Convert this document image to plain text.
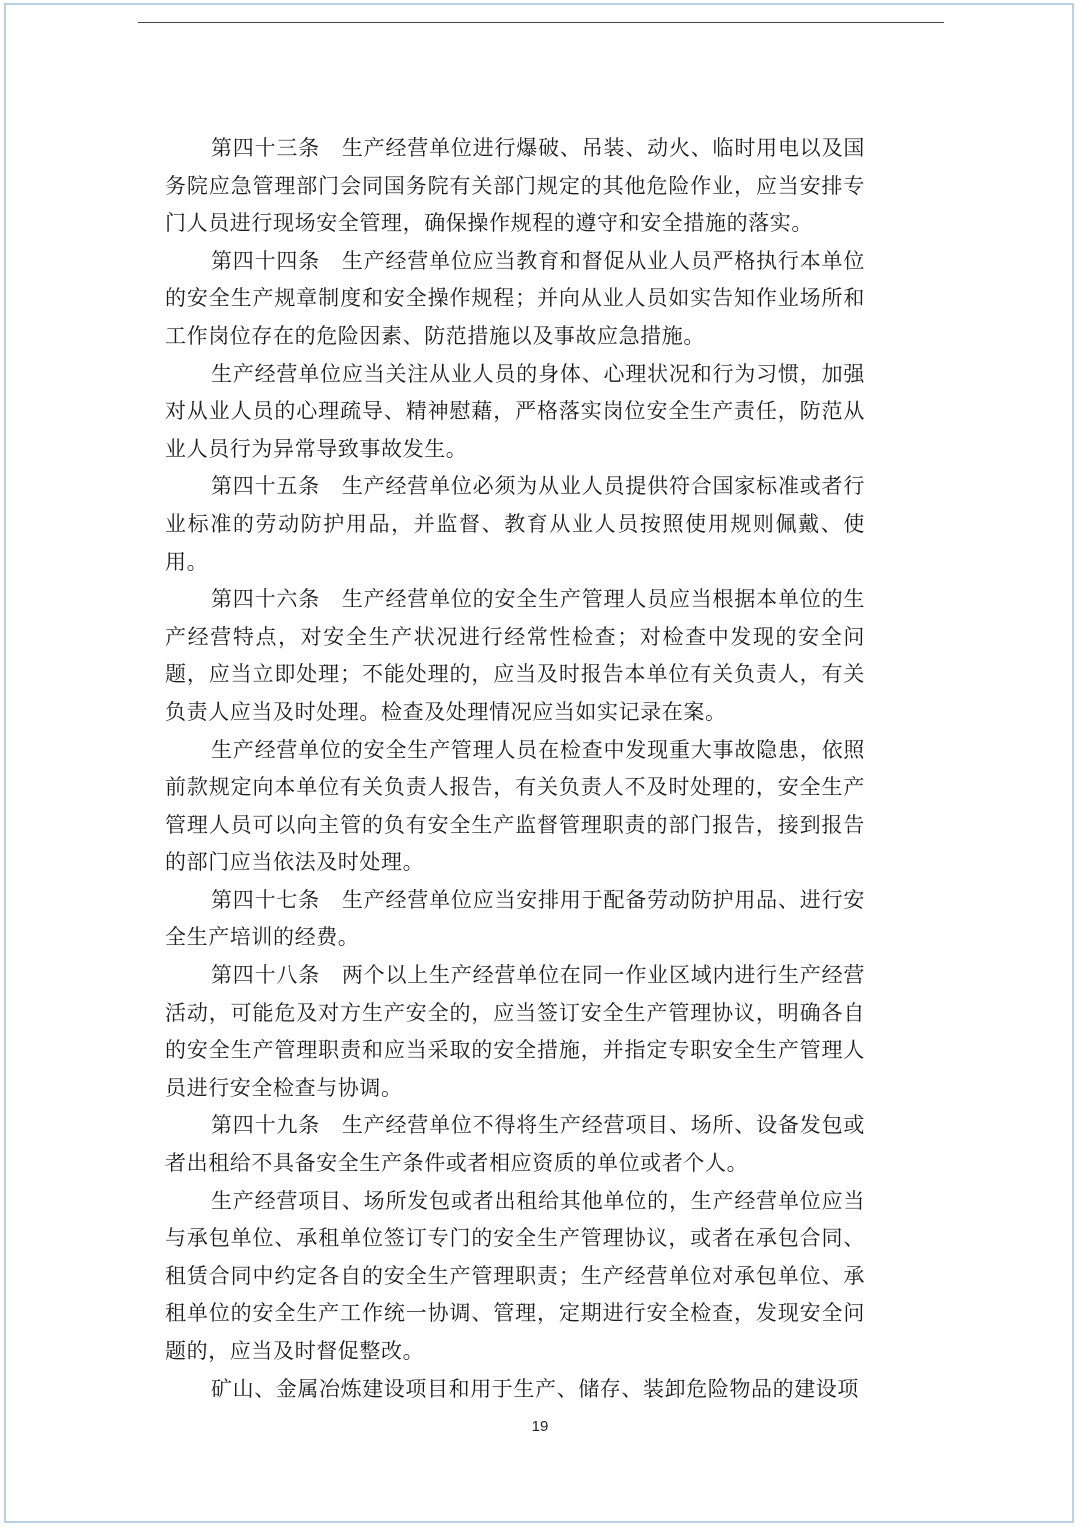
第四十三条　生产经营单位进行爆破、吊装、动火、临时用电以及国务院应急管理部门会同国务院有关部门规定的其他危险作业，应当安排专门人员进行现场安全管理，确保操作规程的遵守和安全措施的落实。

第四十四条　生产经营单位应当教育和督促从业人员严格执行本单位的安全生产规章制度和安全操作规程；并向从业人员如实告知作业场所和工作岗位存在的危险因素、防范措施以及事故应急措施。

生产经营单位应当关注从业人员的身体、心理状况和行为习惯，加强对从业人员的心理疏导、精神慰藉，严格落实岗位安全生产责任，防范从业人员行为异常导致事故发生。

第四十五条　生产经营单位必须为从业人员提供符合国家标准或者行业标准的劳动防护用品，并监督、教育从业人员按照使用规则佩戴、使用。

第四十六条　生产经营单位的安全生产管理人员应当根据本单位的生产经营特点，对安全生产状况进行经常性检查；对检查中发现的安全问题，应当立即处理；不能处理的，应当及时报告本单位有关负责人，有关负责人应当及时处理。检查及处理情况应当如实记录在案。

生产经营单位的安全生产管理人员在检查中发现重大事故隐患，依照前款规定向本单位有关负责人报告，有关负责人不及时处理的，安全生产管理人员可以向主管的负有安全生产监督管理职责的部门报告，接到报告的部门应当依法及时处理。

第四十七条　生产经营单位应当安排用于配备劳动防护用品、进行安全生产培训的经费。

第四十八条　两个以上生产经营单位在同一作业区域内进行生产经营活动，可能危及对方生产安全的，应当签订安全生产管理协议，明确各自的安全生产管理职责和应当采取的安全措施，并指定专职安全生产管理人员进行安全检查与协调。

第四十九条　生产经营单位不得将生产经营项目、场所、设备发包或者出租给不具备安全生产条件或者相应资质的单位或者个人。

生产经营项目、场所发包或者出租给其他单位的，生产经营单位应当与承包单位、承租单位签订专门的安全生产管理协议，或者在承包合同、租赁合同中约定各自的安全生产管理职责；生产经营单位对承包单位、承租单位的安全生产工作统一协调、管理，定期进行安全检查，发现安全问题的，应当及时督促整改。

矿山、金属冶炼建设项目和用于生产、储存、装卸危险物品的建设项

19
